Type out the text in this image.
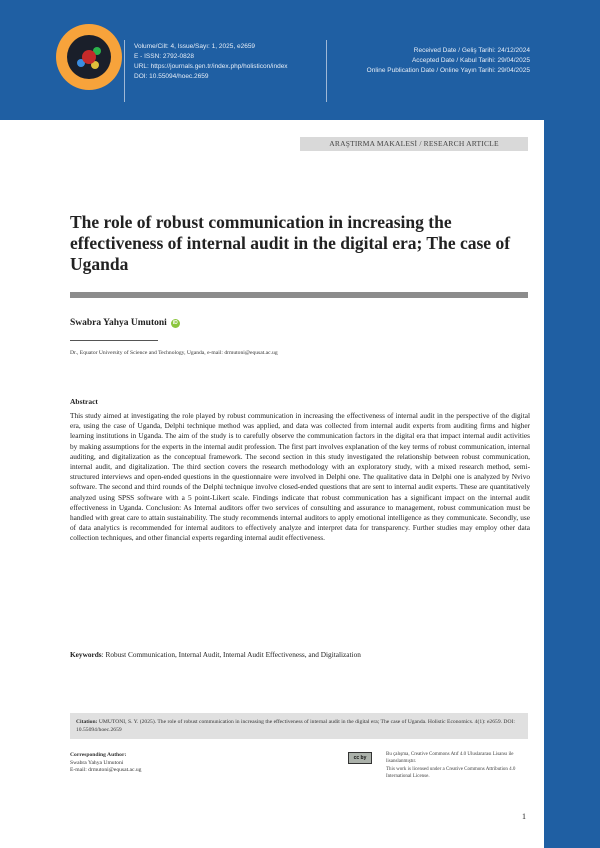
Volume/Cilt: 4, Issue/Sayı: 1, 2025, e2659
E - ISSN: 2792-0828
URL: https://journals.gen.tr/index.php/holisticon/index
DOI: 10.55094/hoec.2659
Received Date / Geliş Tarihi: 24/12/2024
Accepted Date / Kabul Tarihi: 29/04/2025
Online Publication Date / Online Yayın Tarihi: 29/04/2025
ARAŞTIRMA MAKALESİ / RESEARCH ARTICLE
The role of robust communication in increasing the effectiveness of internal audit in the digital era; The case of Uganda
Swabra Yahya Umutoni	iD
Dr., Equator University of Science and Technology, Uganda, e-mail: drmutoni@equsat.ac.ug
Abstract
This study aimed at investigating the role played by robust communication in increasing the effectiveness of internal audit in the perspective of the digital era, using the case of Uganda, Delphi technique method was applied, and data was collected from internal audit experts from auditing firms and higher learning institutions in Uganda. The aim of the study is to carefully observe the communication factors in the digital era that impact internal audit activities by making assumptions for the experts in the internal audit profession. The first part involves explanation of the key terms of robust communication, internal auditing, and digitalization as the conceptual framework. The second section in this study investigated the relationship between robust communication, internal audit, and digitalization. The third section covers the research methodology with an exploratory study, with a mixed research method, semi-structured interviews and open-ended questions in the questionnaire were involved in Delphi one. The qualitative data in Delphi one is analyzed by Nvivo software. The second and third rounds of the Delphi technique involve closed-ended questions that are sent to internal audit experts. These are quantitatively analyzed using SPSS software with a 5 point-Likert scale. Findings indicate that robust communication has a significant impact on the internal audit effectiveness in Uganda. Conclusion: As Internal auditors offer two services of consulting and assurance to management, robust communication must be handled with great care to attain sustainability. The study recommends internal auditors to apply emotional intelligence as they communicate. Secondly, use of data analytics is recommended for internal auditors to effectively analyze and interpret data for transparency. Further studies may employ other data collection techniques, and other financial experts regarding internal audit effectiveness.
Keywords: Robust Communication, Internal Audit, Internal Audit Effectiveness, and Digitalization
Citation: UMUTONI, S. Y. (2025). The role of robust communication in increasing the effectiveness of internal audit in the digital era; The case of Uganda. Holistic Economics. 4(1): e2659. DOI: 10.55094/hoec.2659
Corresponding Author:
Swabra Yahya Umutoni
E-mail: drmutoni@equsat.ac.ug
cc by
Bu çalışma, Creative Commons Atıf 4.0 Uluslararası Lisansı ile lisanslanmıştır.
This work is licensed under a Creative Commons Attribution 4.0 International License.
1
